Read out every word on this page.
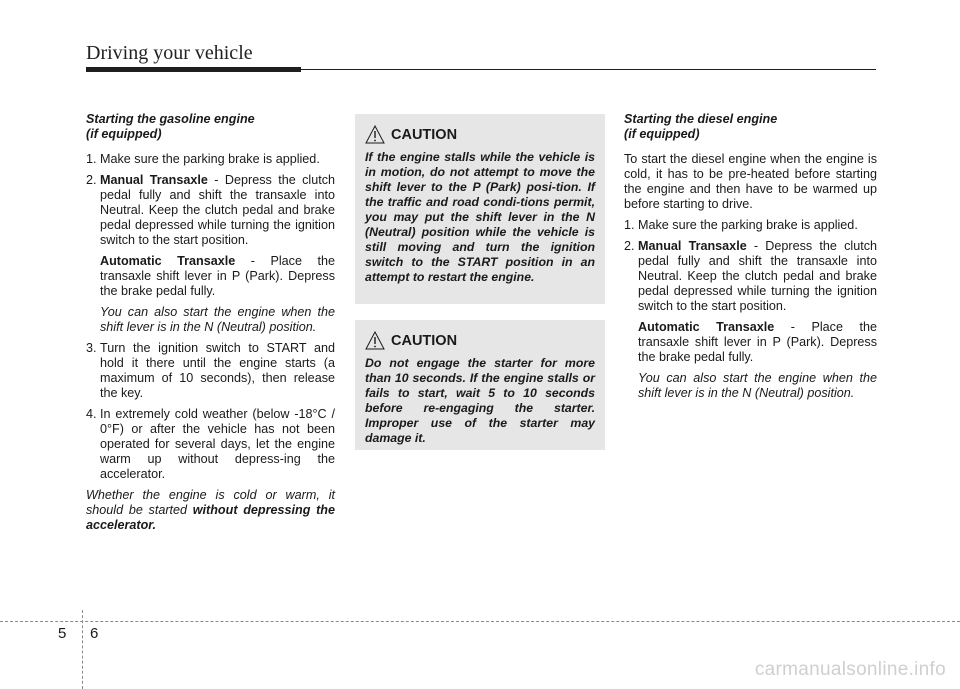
Driving your vehicle
Starting the gasoline engine
(if equipped)
1. Make sure the parking brake is applied.
2. Manual Transaxle - Depress the clutch pedal fully and shift the transaxle into Neutral. Keep the clutch pedal and brake pedal depressed while turning the ignition switch to the start position.
Automatic Transaxle - Place the transaxle shift lever in P (Park). Depress the brake pedal fully.
You can also start the engine when the shift lever is in the N (Neutral) position.
3. Turn the ignition switch to START and hold it there until the engine starts (a maximum of 10 seconds), then release the key.
4. In extremely cold weather (below -18°C / 0°F) or after the vehicle has not been operated for several days, let the engine warm up without depress-ing the accelerator.

Whether the engine is cold or warm, it should be started without depressing the accelerator.

CAUTION

If the engine stalls while the vehicle is in motion, do not attempt to move the shift lever to the P (Park) posi-tion. If the traffic and road condi-tions permit, you may put the shift lever in the N (Neutral) position while the vehicle is still moving and turn the ignition switch to the START position in an attempt to restart the engine.

CAUTION

Do not engage the starter for more than 10 seconds. If the engine stalls or fails to start, wait 5 to 10 seconds before re-engaging the starter. Improper use of the starter may damage it.

Starting the diesel engine
(if equipped)

To start the diesel engine when the engine is cold, it has to be pre-heated before starting the engine and then have to be warmed up before starting to drive.

1. Make sure the parking brake is applied.
2. Manual Transaxle - Depress the clutch pedal fully and shift the transaxle into Neutral. Keep the clutch pedal and brake pedal depressed while turning the ignition switch to the start position.
Automatic Transaxle - Place the transaxle shift lever in P (Park). Depress the brake pedal fully.
You can also start the engine when the shift lever is in the N (Neutral) position.
5 6
carmanualsonline.info
